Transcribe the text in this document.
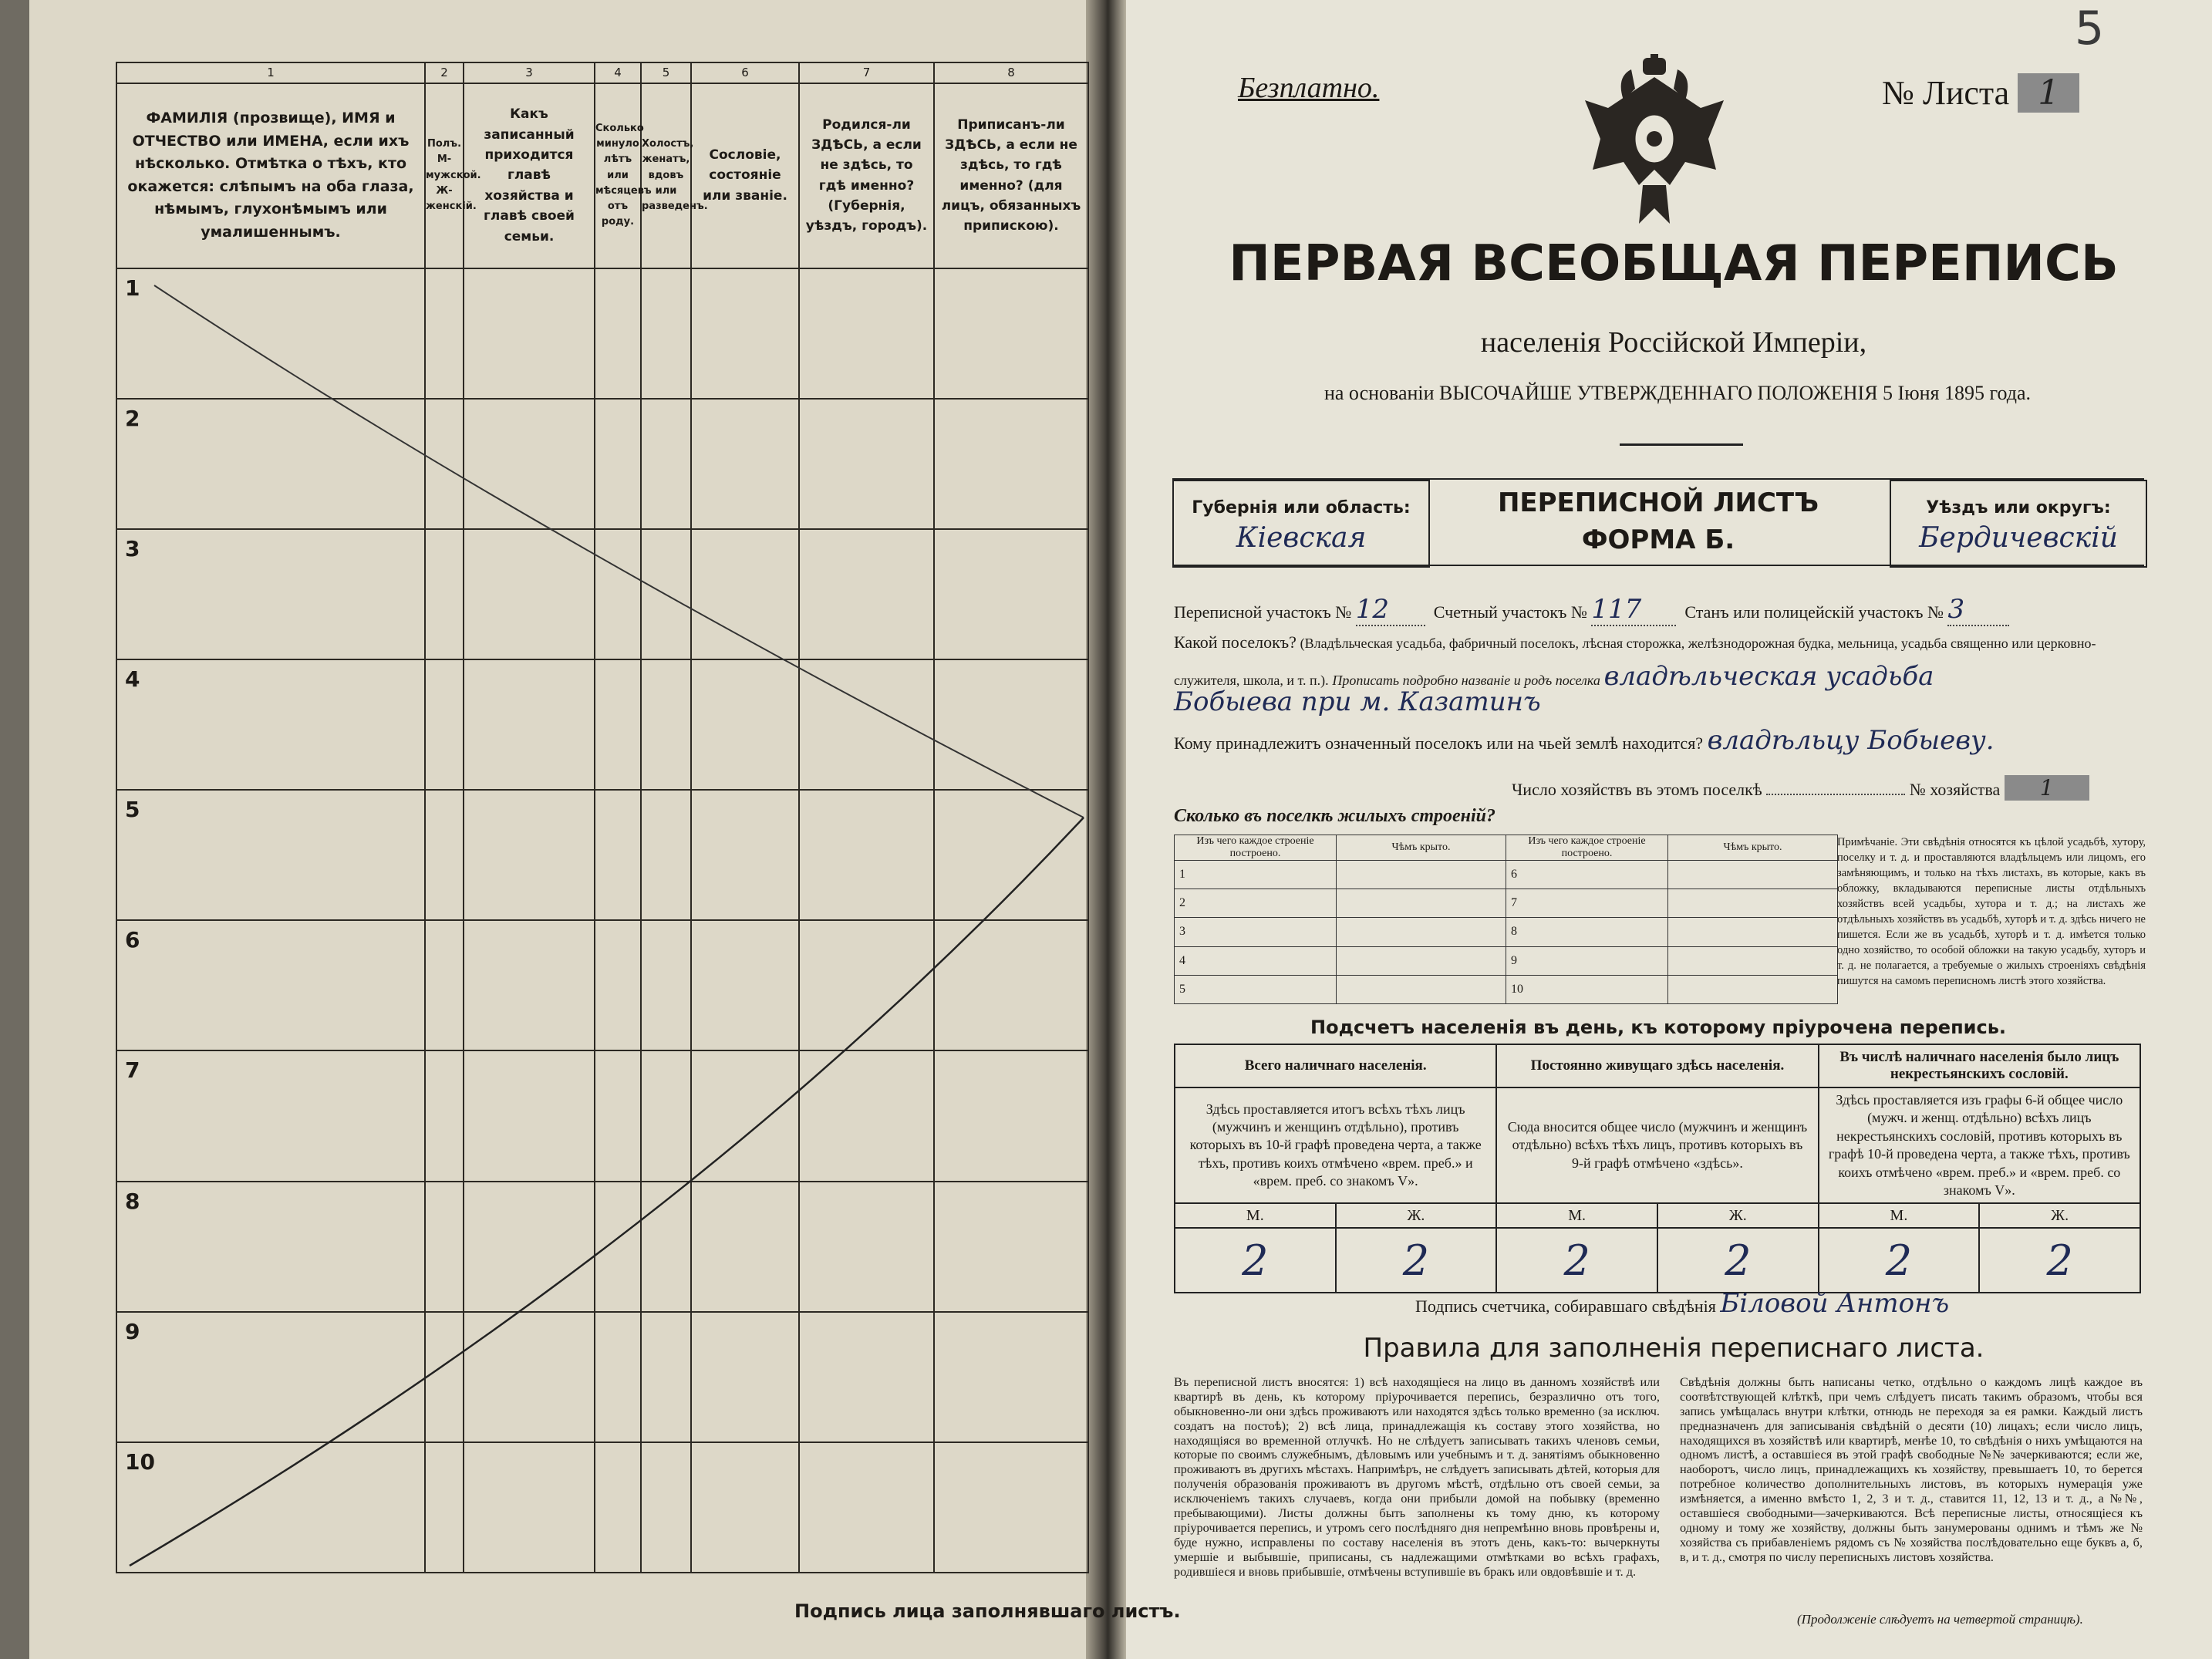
5
1	2	3	4	5	6	7	8
ФАМИЛІЯ (прозвище), ИМЯ и ОТЧЕСТВО или ИМЕНА, если ихъ нѣсколько. Отмѣтка о тѣхъ, кто окажется: слѣпымъ на оба глаза, нѣмымъ, глухонѣмымъ или умалишеннымъ.	Полъ. М-мужской. Ж-женскій.	Какъ записанный приходится главѣ хозяйства и главѣ своей семьи.	Сколько минуло лѣтъ или мѣсяцевъ отъ роду.	Холостъ, женатъ, вдовъ или разведенъ.	Сословіе, состояніе или званіе.	Родился-ли ЗДѢСЬ, а если не здѣсь, то гдѣ именно? (Губернія, уѣздъ, городъ).	Приписанъ-ли ЗДѢСЬ, а если не здѣсь, то гдѣ именно? (для лицъ, обязанныхъ припискою).

1							

2							

3							

4							

5							

6							

7							

8							

9							

10							

Подпись лица заполнявшаго листъ.
Безплатно.	№ Листа 1
ПЕРВАЯ ВСЕОБЩАЯ ПЕРЕПИСЬ
населенія Россійской Имперіи,
на основаніи ВЫСОЧАЙШЕ УТВЕРЖДЕННАГО ПОЛОЖЕНІЯ 5 Іюня 1895 года.
Губернія или область:
Кіевская
ПЕРЕПИСНОЙ ЛИСТЪ
ФОРМА Б.
Уѣздъ или округъ:
Бердичевскій
Переписной участокъ № 12	Счетный участокъ № 117	Станъ или полицейскій участокъ № 3
Какой поселокъ? (Владѣльческая усадьба, фабричный поселокъ, лѣсная сторожка, желѣзнодорожная будка, мельница, усадьба священно или церковно-служителя, школа, и т. п.). Прописать подробно названіе и родъ поселка владѣльческая усадьба
Бобыева при м. Казатинъ
Кому принадлежитъ означенный поселокъ или на чьей землѣ находится? владѣльцу Бобыеву.
Число хозяйствъ въ этомъ поселкѣ	№ хозяйства 1
Сколько въ поселкѣ жилыхъ строеній?
Изъ чего каждое строеніе построено.	Чѣмъ крыто.	Изъ чего каждое строеніе построено.	Чѣмъ крыто.
1		6	
2		7	
3		8	
4		9	
5		10	
Примѣчаніе. Эти свѣдѣнія относятся къ цѣлой усадьбѣ, хутору, поселку и т. д. и проставляются владѣльцемъ или лицомъ, его замѣняющимъ, и только на тѣхъ листахъ, въ которые, какъ въ обложку, вкладываются переписные листы отдѣльныхъ хозяйствъ всей усадьбы, хутора и т. д.; на листахъ же отдѣльныхъ хозяйствъ въ усадьбѣ, хуторѣ и т. д. здѣсь ничего не пишется. Если же въ усадьбѣ, хуторѣ и т. д. имѣется только одно хозяйство, то особой обложки на такую усадьбу, хуторъ и т. д. не полагается, а требуемые о жилыхъ строеніяхъ свѣдѣнія пишутся на самомъ переписномъ листѣ этого хозяйства.
Подсчетъ населенія въ день, къ которому пріурочена перепись.
Всего наличнаго населенія.		Постоянно живущаго здѣсь населенія.		Въ числѣ наличнаго населенія было лицъ некрестьянскихъ сословій.	
Здѣсь проставляется итогъ всѣхъ тѣхъ лицъ (мужчинъ и женщинъ отдѣльно), противъ которыхъ въ 10-й графѣ проведена черта, а также тѣхъ, противъ коихъ отмѣчено «врем. преб.» и «врем. преб. со знакомъ V».		Сюда вносится общее число (мужчинъ и женщинъ отдѣльно) всѣхъ тѣхъ лицъ, противъ которыхъ въ 9-й графѣ отмѣчено «здѣсь».		Здѣсь проставляется изъ графы 6-й общее число (мужч. и женщ. отдѣльно) всѣхъ лицъ некрестьянскихъ сословій, противъ которыхъ въ графѣ 10-й проведена черта, а также тѣхъ, противъ коихъ отмѣчено «врем. преб.» и «врем. преб. со знакомъ V».	
М.	Ж.	М.	Ж.	М.	Ж.
2	2	2	2	2	2
Подпись счетчика, собиравшаго свѣдѣнія Біловой Антонъ
Правила для заполненія переписнаго листа.
Въ переписной листъ вносятся: 1) всѣ находящіеся на лицо въ данномъ хозяйствѣ или квартирѣ въ день, къ которому пріурочивается перепись, безразлично отъ того, обыкновенно-ли они здѣсь проживаютъ или находятся здѣсь только временно (за исключ. создатъ на постоѣ); 2) всѣ лица, принадлежащія къ составу этого хозяйства, но находящіяся во временной отлучкѣ. Но не слѣдуетъ записывать такихъ членовъ семьи, которые по своимъ служебнымъ, дѣловымъ или учебнымъ и т. д. занятіямъ обыкновенно проживаютъ въ другихъ мѣстахъ. Напримѣръ, не слѣдуетъ записывать дѣтей, которыя для полученія образованія проживаютъ въ другомъ мѣстѣ, отдѣльно отъ своей семьи, за исключеніемъ такихъ случаевъ, когда они прибыли домой на побывку (временно пребывающими). Листы должны быть заполнены къ тому дню, къ которому пріурочивается перепись, и утромъ сего послѣдняго дня непремѣнно вновь провѣрены и, буде нужно, исправлены по составу населенія въ этотъ день, какъ-то: вычеркнуты умершіе и выбывшіе, приписаны, съ надлежащими отмѣтками во всѣхъ графахъ, родившіеся и вновь прибывшіе, отмѣчены вступившіе въ бракъ или овдовѣвшіе и т. д.
Свѣдѣнія должны быть написаны четко, отдѣльно о каждомъ лицѣ каждое въ соотвѣтствующей клѣткѣ, при чемъ слѣдуетъ писать такимъ образомъ, чтобы вся запись умѣщалась внутри клѣтки, отнюдь не переходя за ея рамки. Каждый листъ предназначенъ для записыванія свѣдѣній о десяти (10) лицахъ; если число лицъ, находящихся въ хозяйствѣ или квартирѣ, менѣе 10, то свѣдѣнія о нихъ умѣщаются на одномъ листѣ, а оставшіеся въ этой графѣ свободные №№ зачеркиваются; если же, наоборотъ, число лицъ, принадлежащихъ къ хозяйству, превышаетъ 10, то берется потребное количество дополнительныхъ листовъ, въ которыхъ нумерація уже измѣняется, а именно вмѣсто 1, 2, 3 и т. д., ставится 11, 12, 13 и т. д., а №№, оставшіеся свободными—зачеркиваются. Всѣ переписные листы, относящіеся къ одному и тому же хозяйству, должны быть занумерованы однимъ и тѣмъ же № хозяйства съ прибавленіемъ рядомъ съ № хозяйства послѣдовательно еще буквъ а, б, в, и т. д., смотря по числу переписныхъ листовъ хозяйства.
(Продолженіе слѣдуетъ на четвертой страницѣ).
